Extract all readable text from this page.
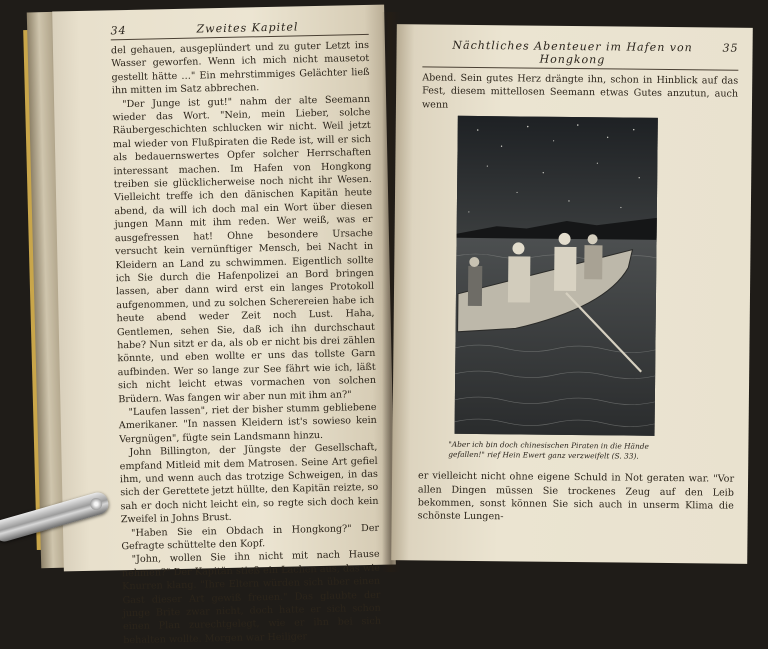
34	Zweites Kapitel

del gehauen, ausgeplündert und zu guter Letzt ins Wasser geworfen. Wenn ich mich nicht mausetot gestellt hätte …" Ein mehrstimmiges Gelächter ließ ihn mitten im Satz abbrechen.

"Der Junge ist gut!" nahm der alte Seemann wieder das Wort. "Nein, mein Lieber, solche Räubergeschichten schlucken wir nicht. Weil jetzt mal wieder von Flußpiraten die Rede ist, will er sich als bedauernswertes Opfer solcher Herrschaften interessant machen. Im Hafen von Hongkong treiben sie glücklicherweise noch nicht ihr Wesen. Vielleicht treffe ich den dänischen Kapitän heute abend, da will ich doch mal ein Wort über diesen jungen Mann mit ihm reden. Wer weiß, was er ausgefressen hat! Ohne besondere Ursache versucht kein vernünftiger Mensch, bei Nacht in Kleidern an Land zu schwimmen. Eigentlich sollte ich Sie durch die Hafenpolizei an Bord bringen lassen, aber dann wird erst ein langes Protokoll aufgenommen, und zu solchen Scherereien habe ich heute abend weder Zeit noch Lust. Haha, Gentlemen, sehen Sie, daß ich ihn durchschaut habe? Nun sitzt er da, als ob er nicht bis drei zählen könnte, und eben wollte er uns das tollste Garn aufbinden. Wer so lange zur See fährt wie ich, läßt sich nicht leicht etwas vormachen von solchen Brüdern. Was fangen wir aber nun mit ihm an?"

"Laufen lassen", riet der bisher stumm gebliebene Amerikaner. "In nassen Kleidern ist's sowieso kein Vergnügen", fügte sein Landsmann hinzu.

John Billington, der Jüngste der Gesellschaft, empfand Mitleid mit dem Matrosen. Seine Art gefiel ihm, und wenn auch das trotzige Schweigen, in das sich der Gerettete jetzt hüllte, den Kapitän reizte, so sah er doch nicht leicht ein, so regte sich doch kein Zweifel in Johns Brust.

"Haben Sie ein Obdach in Hongkong?" Der Gefragte schüttelte den Kopf.

"John, wollen Sie ihn nicht mit nach Hause nehmen?" Der Kapitän stieß ein Lachen aus, das wie Knurren klang. "Ihre Eltern würden sich über einen Gast dieser Art gewiß freuen." Das glaubte der junge Brite zwar nicht, doch hatte er sich schon einen Plan zurechtgelegt, wie er ihn bei sich behalten wollte. Morgen war Heiliger

Nächtliches Abenteuer im Hafen von Hongkong
35

Abend. Sein gutes Herz drängte ihn, schon in Hinblick auf das Fest, diesem mittellosen Seemann etwas Gutes anzutun, auch wenn

"Aber ich bin doch chinesischen Piraten in die Hände gefallen!" rief Hein Ewert ganz verzweifelt (S. 33).

er vielleicht nicht ohne eigene Schuld in Not geraten war. "Vor allen Dingen müssen Sie trockenes Zeug auf den Leib bekommen, sonst können Sie sich auch in unserm Klima die schönste Lungen-
